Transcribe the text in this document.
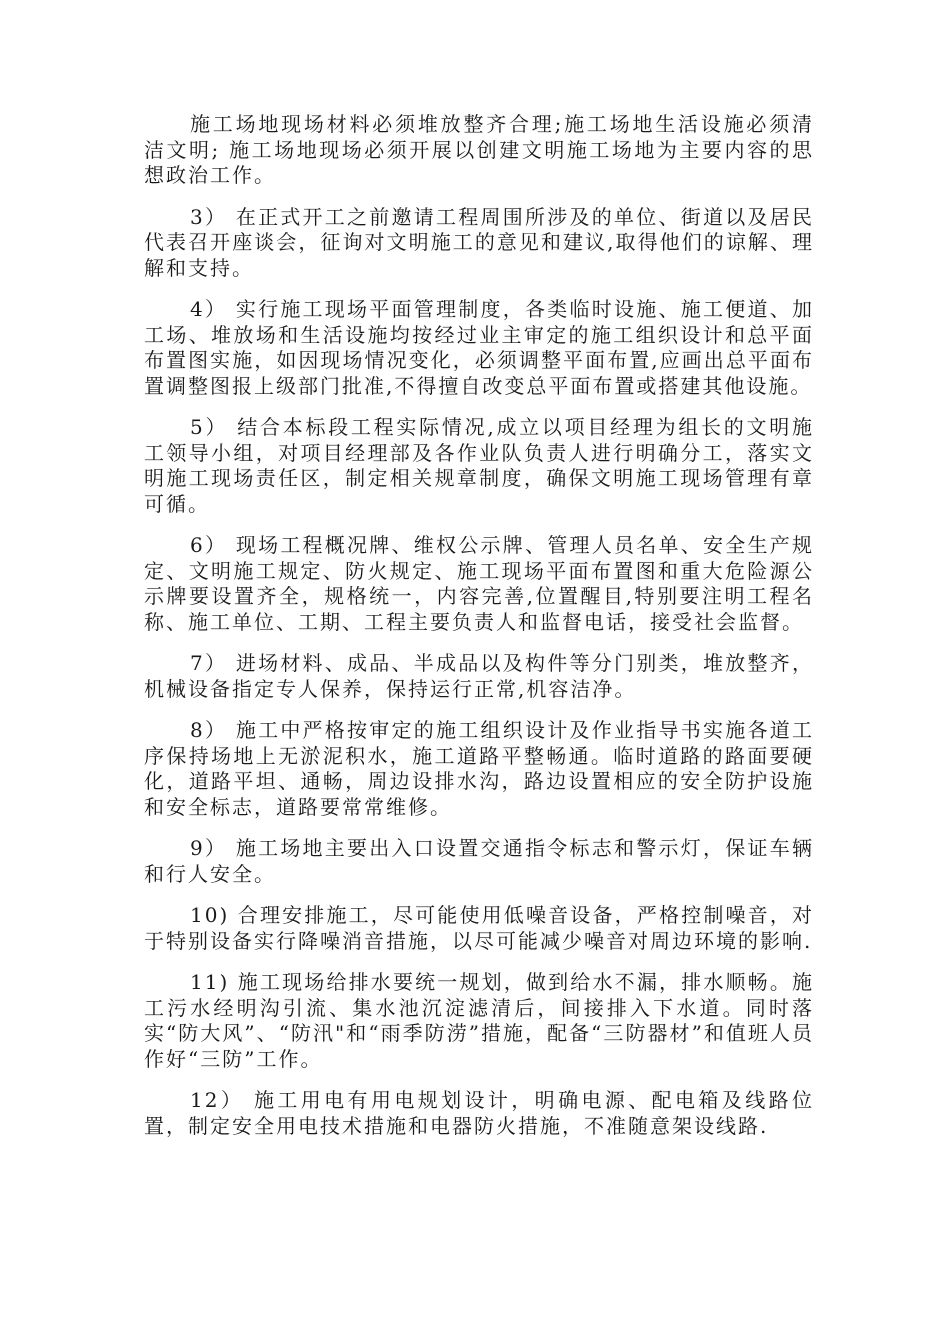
施工场地现场材料必须堆放整齐合理;施工场地生活设施必须清洁文明; 施工场地现场必须开展以创建文明施工场地为主要内容的思想政治工作。

3） 在正式开工之前邀请工程周围所涉及的单位、街道以及居民代表召开座谈会，征询对文明施工的意见和建议,取得他们的谅解、理解和支持。

4） 实行施工现场平面管理制度，各类临时设施、施工便道、加工场、堆放场和生活设施均按经过业主审定的施工组织设计和总平面布置图实施，如因现场情况变化，必须调整平面布置,应画出总平面布置调整图报上级部门批准,不得擅自改变总平面布置或搭建其他设施。

5） 结合本标段工程实际情况,成立以项目经理为组长的文明施工领导小组，对项目经理部及各作业队负责人进行明确分工，落实文明施工现场责任区，制定相关规章制度，确保文明施工现场管理有章可循。

6） 现场工程概况牌、维权公示牌、管理人员名单、安全生产规定、文明施工规定、防火规定、施工现场平面布置图和重大危险源公示牌要设置齐全，规格统一，内容完善,位置醒目,特别要注明工程名称、施工单位、工期、工程主要负责人和监督电话，接受社会监督。

7） 进场材料、成品、半成品以及构件等分门别类，堆放整齐，机械设备指定专人保养，保持运行正常,机容洁净。

8） 施工中严格按审定的施工组织设计及作业指导书实施各道工序保持场地上无淤泥积水，施工道路平整畅通。临时道路的路面要硬化，道路平坦、通畅，周边设排水沟，路边设置相应的安全防护设施和安全标志，道路要常常维修。

9） 施工场地主要出入口设置交通指令标志和警示灯，保证车辆和行人安全。

10) 合理安排施工，尽可能使用低噪音设备，严格控制噪音，对于特别设备实行降噪消音措施，以尽可能减少噪音对周边环境的影响.

11) 施工现场给排水要统一规划，做到给水不漏，排水顺畅。施工污水经明沟引流、集水池沉淀滤清后，间接排入下水道。同时落实“防大风”、“防汛"和“雨季防涝”措施，配备“三防器材”和值班人员作好“三防”工作。

12） 施工用电有用电规划设计，明确电源、配电箱及线路位置，制定安全用电技术措施和电器防火措施，不准随意架设线路.
